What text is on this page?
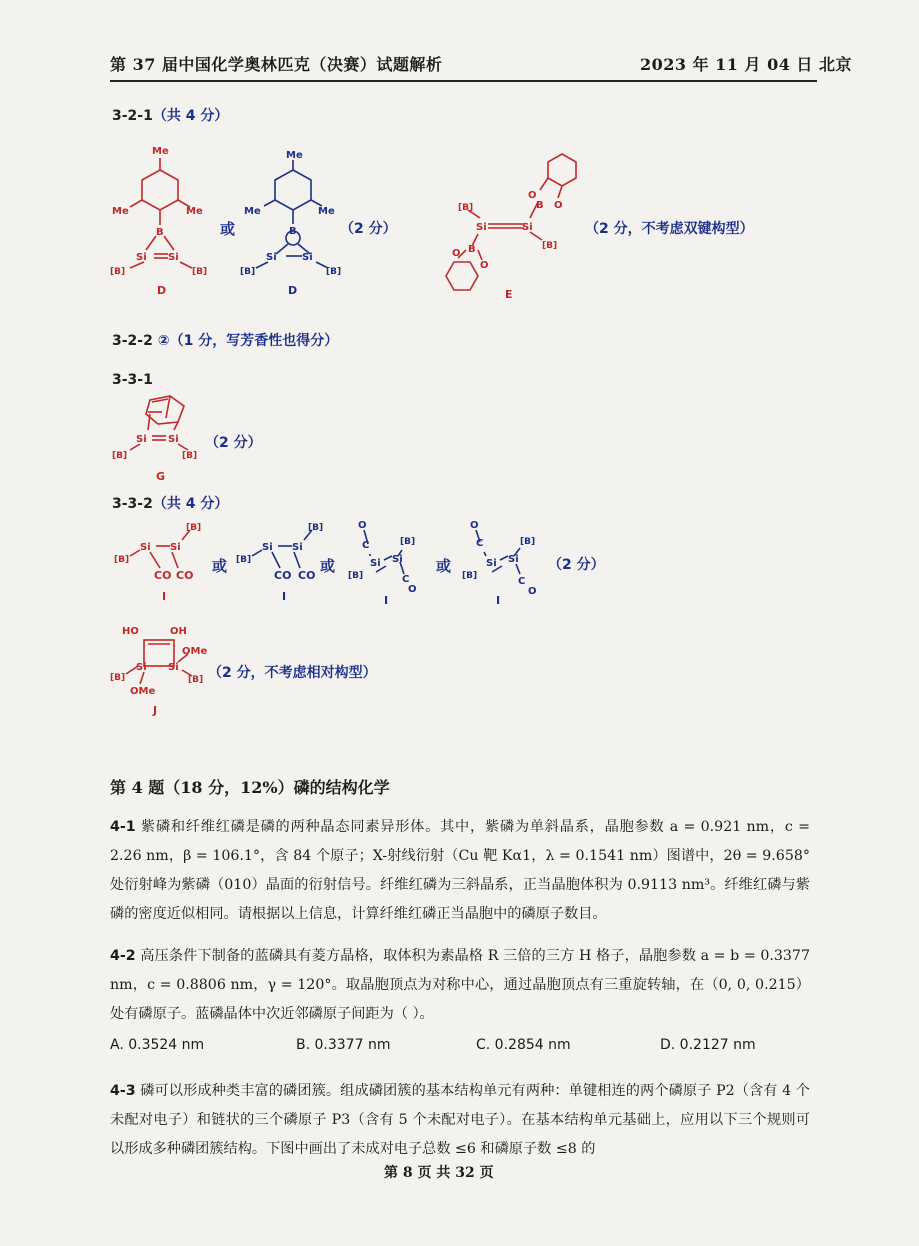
第 37 届中国化学奥林匹克（决赛）试题解析	2023 年 11 月 04 日 北京
3-2-1（共 4 分）
Me
Me
Me
B
Si Si
[B]	[B]
D
或
Me
Me
Me
B
Si	Si
[B]	[B]
D
（2 分）
O
B O
Si	Si
[B]
[B]
O B
O
E
（2 分，不考虑双键构型）
3-2-2 ②（1 分，写芳香性也得分）
3-3-1
Si Si
[B]	[B]
（2 分）
G
3-3-2（共 4 分）
Si Si
[B]
[B]
CO CO
I
或
Si Si
[B]
[B]
CO CO
I
或
O
C
Si Si
[B]
[B]	C
O
I
或
O
C
Si Si
[B]
[B]	C
O
I
（2 分）
HO	OH
OMe
Si Si
[B]	[B]
OMe
（2 分，不考虑相对构型）
J
第 4 题（18 分，12%）磷的结构化学
4-1 紫磷和纤维红磷是磷的两种晶态同素异形体。其中，紫磷为单斜晶系，晶胞参数 a = 0.921 nm，c = 2.26 nm，β = 106.1°，含 84 个原子；X-射线衍射（Cu 靶 Kα1，λ = 0.1541 nm）图谱中，2θ = 9.658° 处衍射峰为紫磷（010）晶面的衍射信号。纤维红磷为三斜晶系，正当晶胞体积为 0.9113 nm³。纤维红磷与紫磷的密度近似相同。请根据以上信息，计算纤维红磷正当晶胞中的磷原子数目。
4-2 高压条件下制备的蓝磷具有菱方晶格，取体积为素晶格 R 三倍的三方 H 格子，晶胞参数 a = b = 0.3377 nm，c = 0.8806 nm，γ = 120°。取晶胞顶点为对称中心，通过晶胞顶点有三重旋转轴，在（0, 0, 0.215）处有磷原子。蓝磷晶体中次近邻磷原子间距为（ ）。
A. 0.3524 nm	B. 0.3377 nm	C. 0.2854 nm	D. 0.2127 nm
4-3 磷可以形成种类丰富的磷团簇。组成磷团簇的基本结构单元有两种：单键相连的两个磷原子 P2（含有 4 个未配对电子）和链状的三个磷原子 P3（含有 5 个未配对电子）。在基本结构单元基础上，应用以下三个规则可以形成多种磷团簇结构。下图中画出了未成对电子总数 ≤6 和磷原子数 ≤8 的
第 8 页 共 32 页
